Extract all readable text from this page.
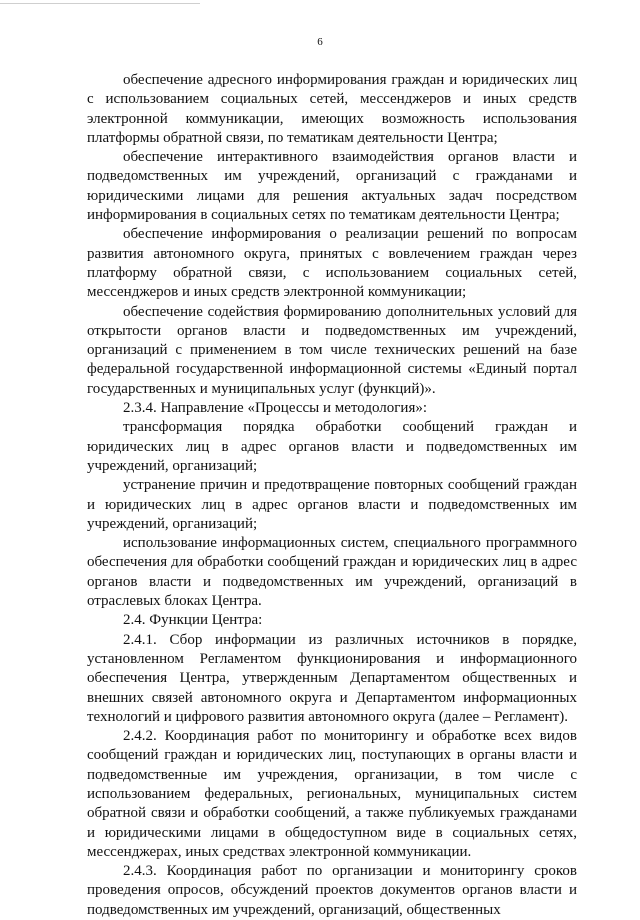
6

обеспечение адресного информирования граждан и юридических лиц с использованием социальных сетей, мессенджеров и иных средств электронной коммуникации, имеющих возможность использования платформы обратной связи, по тематикам деятельности Центра;

обеспечение интерактивного взаимодействия органов власти и подведомственных им учреждений, организаций с гражданами и юридическими лицами для решения актуальных задач посредством информирования в социальных сетях по тематикам деятельности Центра;

обеспечение информирования о реализации решений по вопросам развития автономного округа, принятых с вовлечением граждан через платформу обратной связи, с использованием социальных сетей, мессенджеров и иных средств электронной коммуникации;

обеспечение содействия формированию дополнительных условий для открытости органов власти и подведомственных им учреждений, организаций с применением в том числе технических решений на базе федеральной государственной информационной системы «Единый портал государственных и муниципальных услуг (функций)».

2.3.4. Направление «Процессы и методология»:

трансформация порядка обработки сообщений граждан и юридических лиц в адрес органов власти и подведомственных им учреждений, организаций;

устранение причин и предотвращение повторных сообщений граждан и юридических лиц в адрес органов власти и подведомственных им учреждений, организаций;

использование информационных систем, специального программного обеспечения для обработки сообщений граждан и юридических лиц в адрес органов власти и подведомственных им учреждений, организаций в отраслевых блоках Центра.

2.4. Функции Центра:

2.4.1. Сбор информации из различных источников в порядке, установленном Регламентом функционирования и информационного обеспечения Центра, утвержденным Департаментом общественных и внешних связей автономного округа и Департаментом информационных технологий и цифрового развития автономного округа (далее – Регламент).

2.4.2. Координация работ по мониторингу и обработке всех видов сообщений граждан и юридических лиц, поступающих в органы власти и подведомственные им учреждения, организации, в том числе с использованием федеральных, региональных, муниципальных систем обратной связи и обработки сообщений, а также публикуемых гражданами и юридическими лицами в общедоступном виде в социальных сетях, мессенджерах, иных средствах электронной коммуникации.

2.4.3. Координация работ по организации и мониторингу сроков проведения опросов, обсуждений проектов документов органов власти и подведомственных им учреждений, организаций, общественных
